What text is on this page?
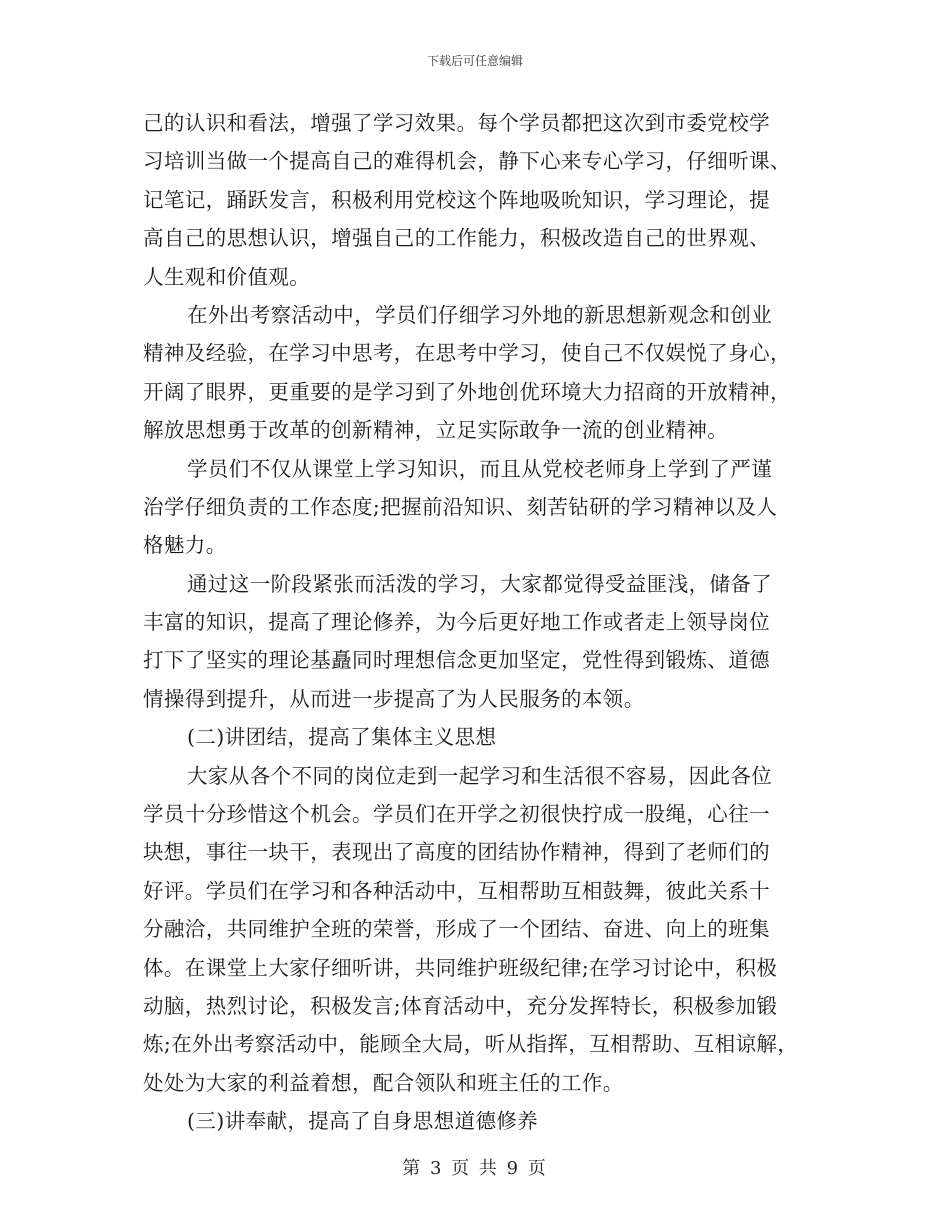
下载后可任意编辑
己的认识和看法，增强了学习效果。每个学员都把这次到市委党校学
习培训当做一个提高自己的难得机会，静下心来专心学习，仔细听课、
记笔记，踊跃发言，积极利用党校这个阵地吸吮知识，学习理论，提
高自己的思想认识，增强自己的工作能力，积极改造自己的世界观、
人生观和价值观。
在外出考察活动中，学员们仔细学习外地的新思想新观念和创业
精神及经验，在学习中思考，在思考中学习，使自己不仅娱悦了身心，
开阔了眼界，更重要的是学习到了外地创优环境大力招商的开放精神，
解放思想勇于改革的创新精神，立足实际敢争一流的创业精神。
学员们不仅从课堂上学习知识，而且从党校老师身上学到了严谨
治学仔细负责的工作态度;把握前沿知识、刻苦钻研的学习精神以及人
格魅力。
通过这一阶段紧张而活泼的学习，大家都觉得受益匪浅，储备了
丰富的知识，提高了理论修养，为今后更好地工作或者走上领导岗位
打下了坚实的理论基矗同时理想信念更加坚定，党性得到锻炼、道德
情操得到提升，从而进一步提高了为人民服务的本领。
(二)讲团结，提高了集体主义思想
大家从各个不同的岗位走到一起学习和生活很不容易，因此各位
学员十分珍惜这个机会。学员们在开学之初很快拧成一股绳，心往一
块想，事往一块干，表现出了高度的团结协作精神，得到了老师们的
好评。学员们在学习和各种活动中，互相帮助互相鼓舞，彼此关系十
分融洽，共同维护全班的荣誉，形成了一个团结、奋进、向上的班集
体。在课堂上大家仔细听讲，共同维护班级纪律;在学习讨论中，积极
动脑，热烈讨论，积极发言;体育活动中，充分发挥特长，积极参加锻
炼;在外出考察活动中，能顾全大局，听从指挥，互相帮助、互相谅解，
处处为大家的利益着想，配合领队和班主任的工作。
(三)讲奉献，提高了自身思想道德修养
第 3 页 共 9 页
